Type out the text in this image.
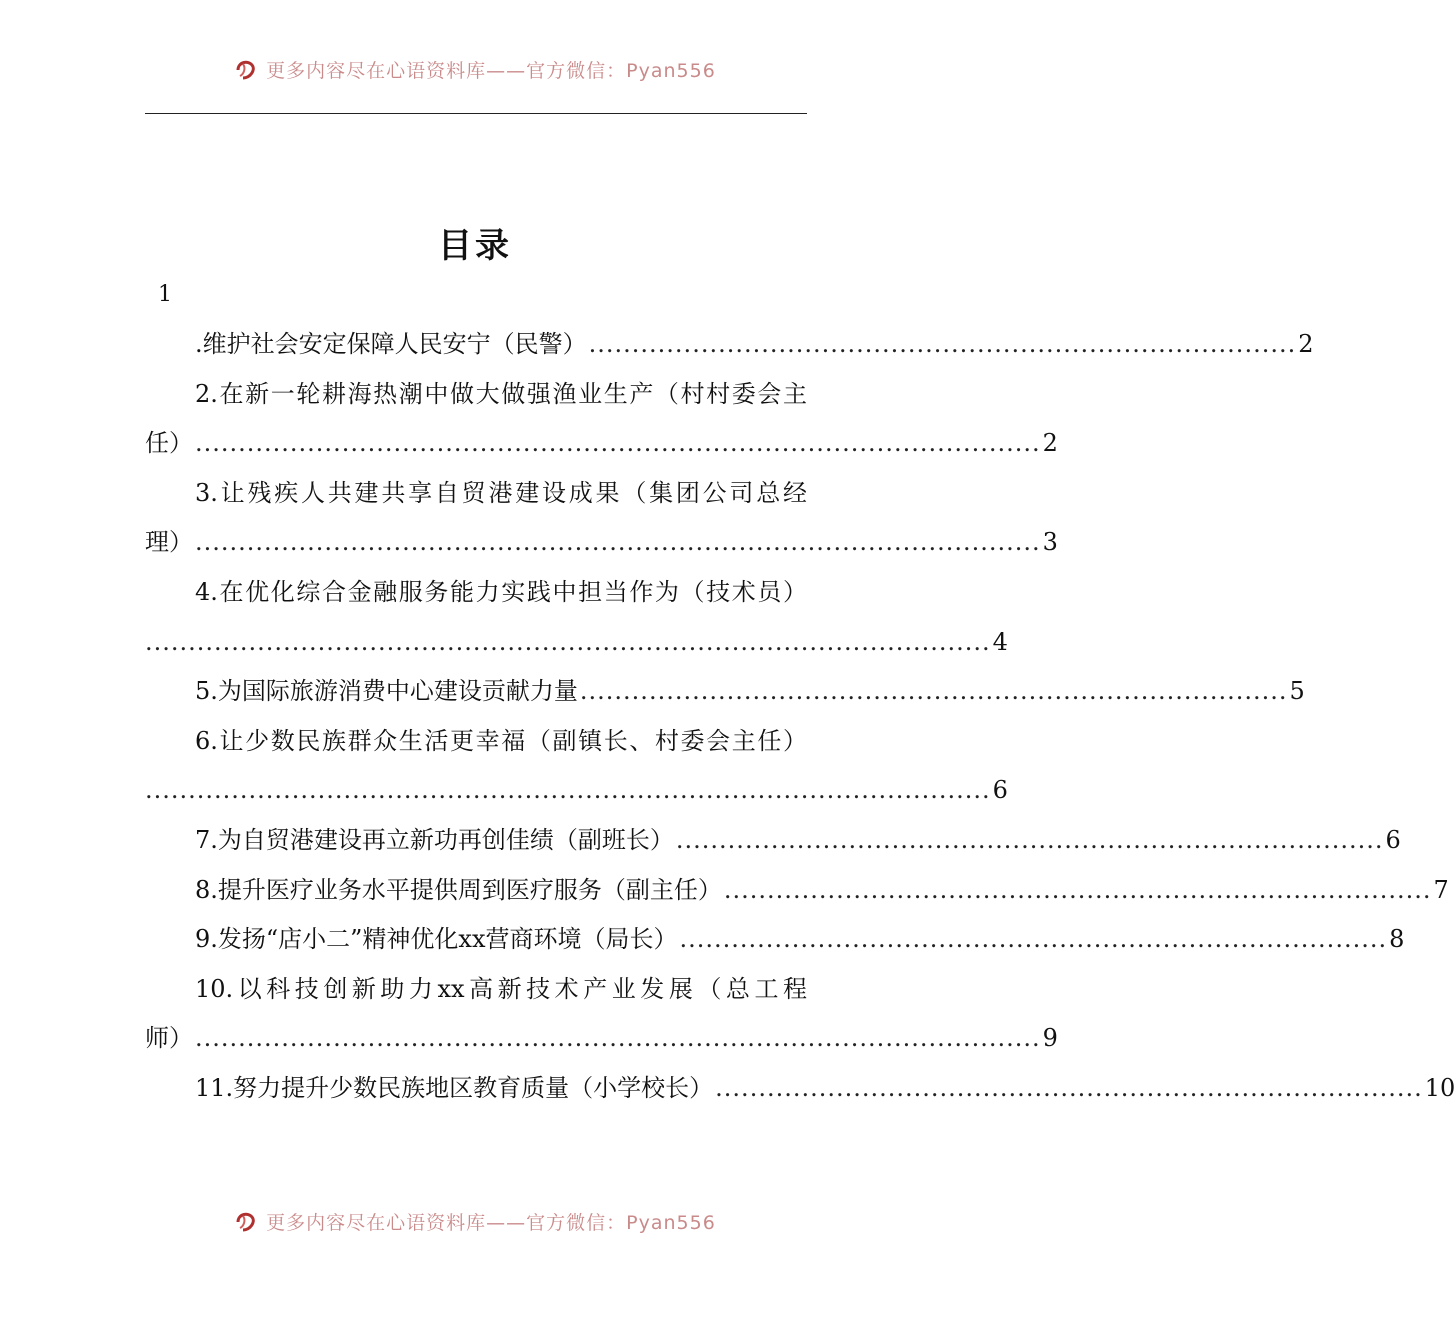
更多内容尽在心语资料库——官方微信：Pyan556
目录
1
.维护社会安定保障人民安宁（民警） .................................................................................. 2
2.在新一轮耕海热潮中做大做强渔业生产（村村委会主
任） .................................................................................................. 2
3.让残疾人共建共享自贸港建设成果（集团公司总经
理） .................................................................................................. 3
4.在优化综合金融服务能力实践中担当作为（技术员）
.................................................................................................. 4
5.为国际旅游消费中心建设贡献力量 .................................................................................. 5
6.让少数民族群众生活更幸福（副镇长、村委会主任）
.................................................................................................. 6
7.为自贸港建设再立新功再创佳绩（副班长） .................................................................................. 6
8.提升医疗业务水平提供周到医疗服务（副主任） .................................................................................. 7
9.发扬“店小二”精神优化xx营商环境（局长） .................................................................................. 8
10.以科技创新助力xx高新技术产业发展（总工程
师） .................................................................................................. 9
11.努力提升少数民族地区教育质量（小学校长） .................................................................................. 10
更多内容尽在心语资料库——官方微信：Pyan556
